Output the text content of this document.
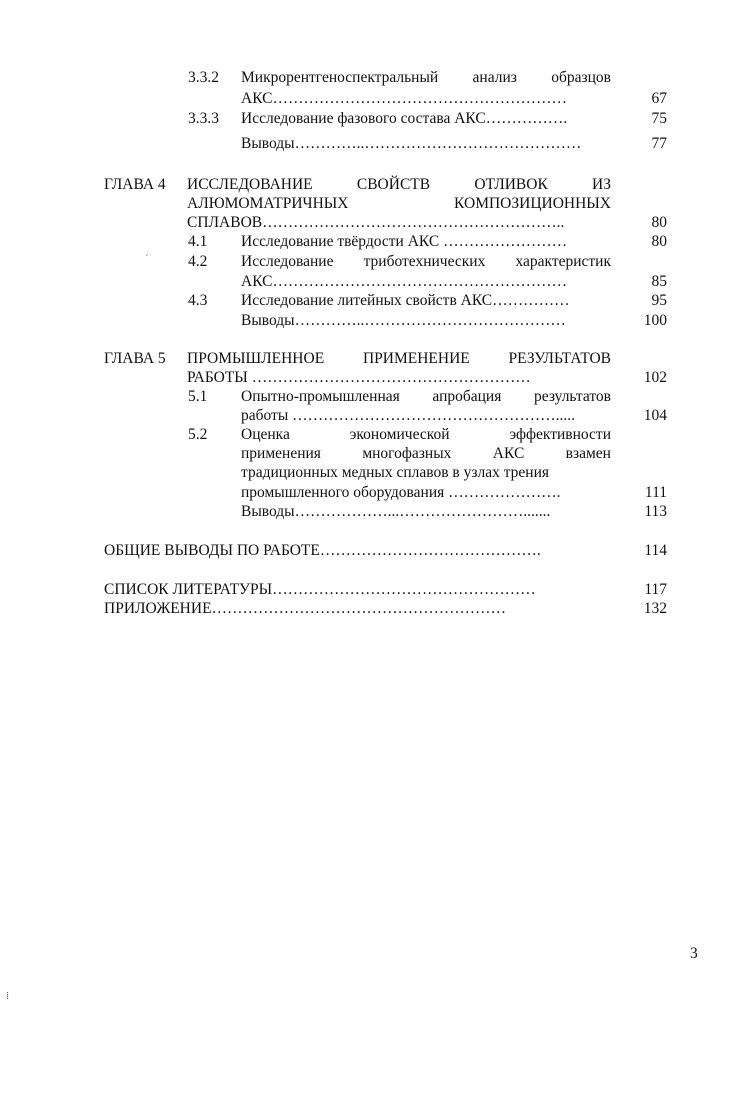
3.3.2 Микрорентгеноспектральный анализ образцов
АКС…………………………………………………	67
3.3.3 Исследование фазового состава АКС…………….	75
Выводы…………..……………………………………	77
ГЛАВА 4 ИССЛЕДОВАНИЕ	СВОЙСТВ	ОТЛИВОК	ИЗ
АЛЮМОМАТРИЧНЫХ	КОМПОЗИЦИОННЫХ
СПЛАВОВ…………………………………………………..	80
4.1 Исследование твёрдости АКС ……………………	80
4.2 Исследование триботехнических характеристик
АКС…………………………………………………	85
4.3 Исследование литейных свойств АКС……………	95
Выводы…………..…………………………………	100
ГЛАВА 5 ПРОМЫШЛЕННОЕ	ПРИМЕНЕНИЕ	РЕЗУЛЬТАТОВ
РАБОТЫ ………………………………………………	102
5.1 Опытно-промышленная апробация результатов
работы …………………………………………….....	104
5.2 Оценка	экономической	эффективности
применения	многофазных	АКС	взамен
традиционных медных сплавов в узлах трения
промышленного оборудования ………………….	111
Выводы………………...…………………….......	113
ОБЩИЕ ВЫВОДЫ ПО РАБОТЕ…………………………………….	114
СПИСОК ЛИТЕРАТУРЫ……………………………………………	117
ПРИЛОЖЕНИЕ…………………………………………………	132
3
´
⁞
